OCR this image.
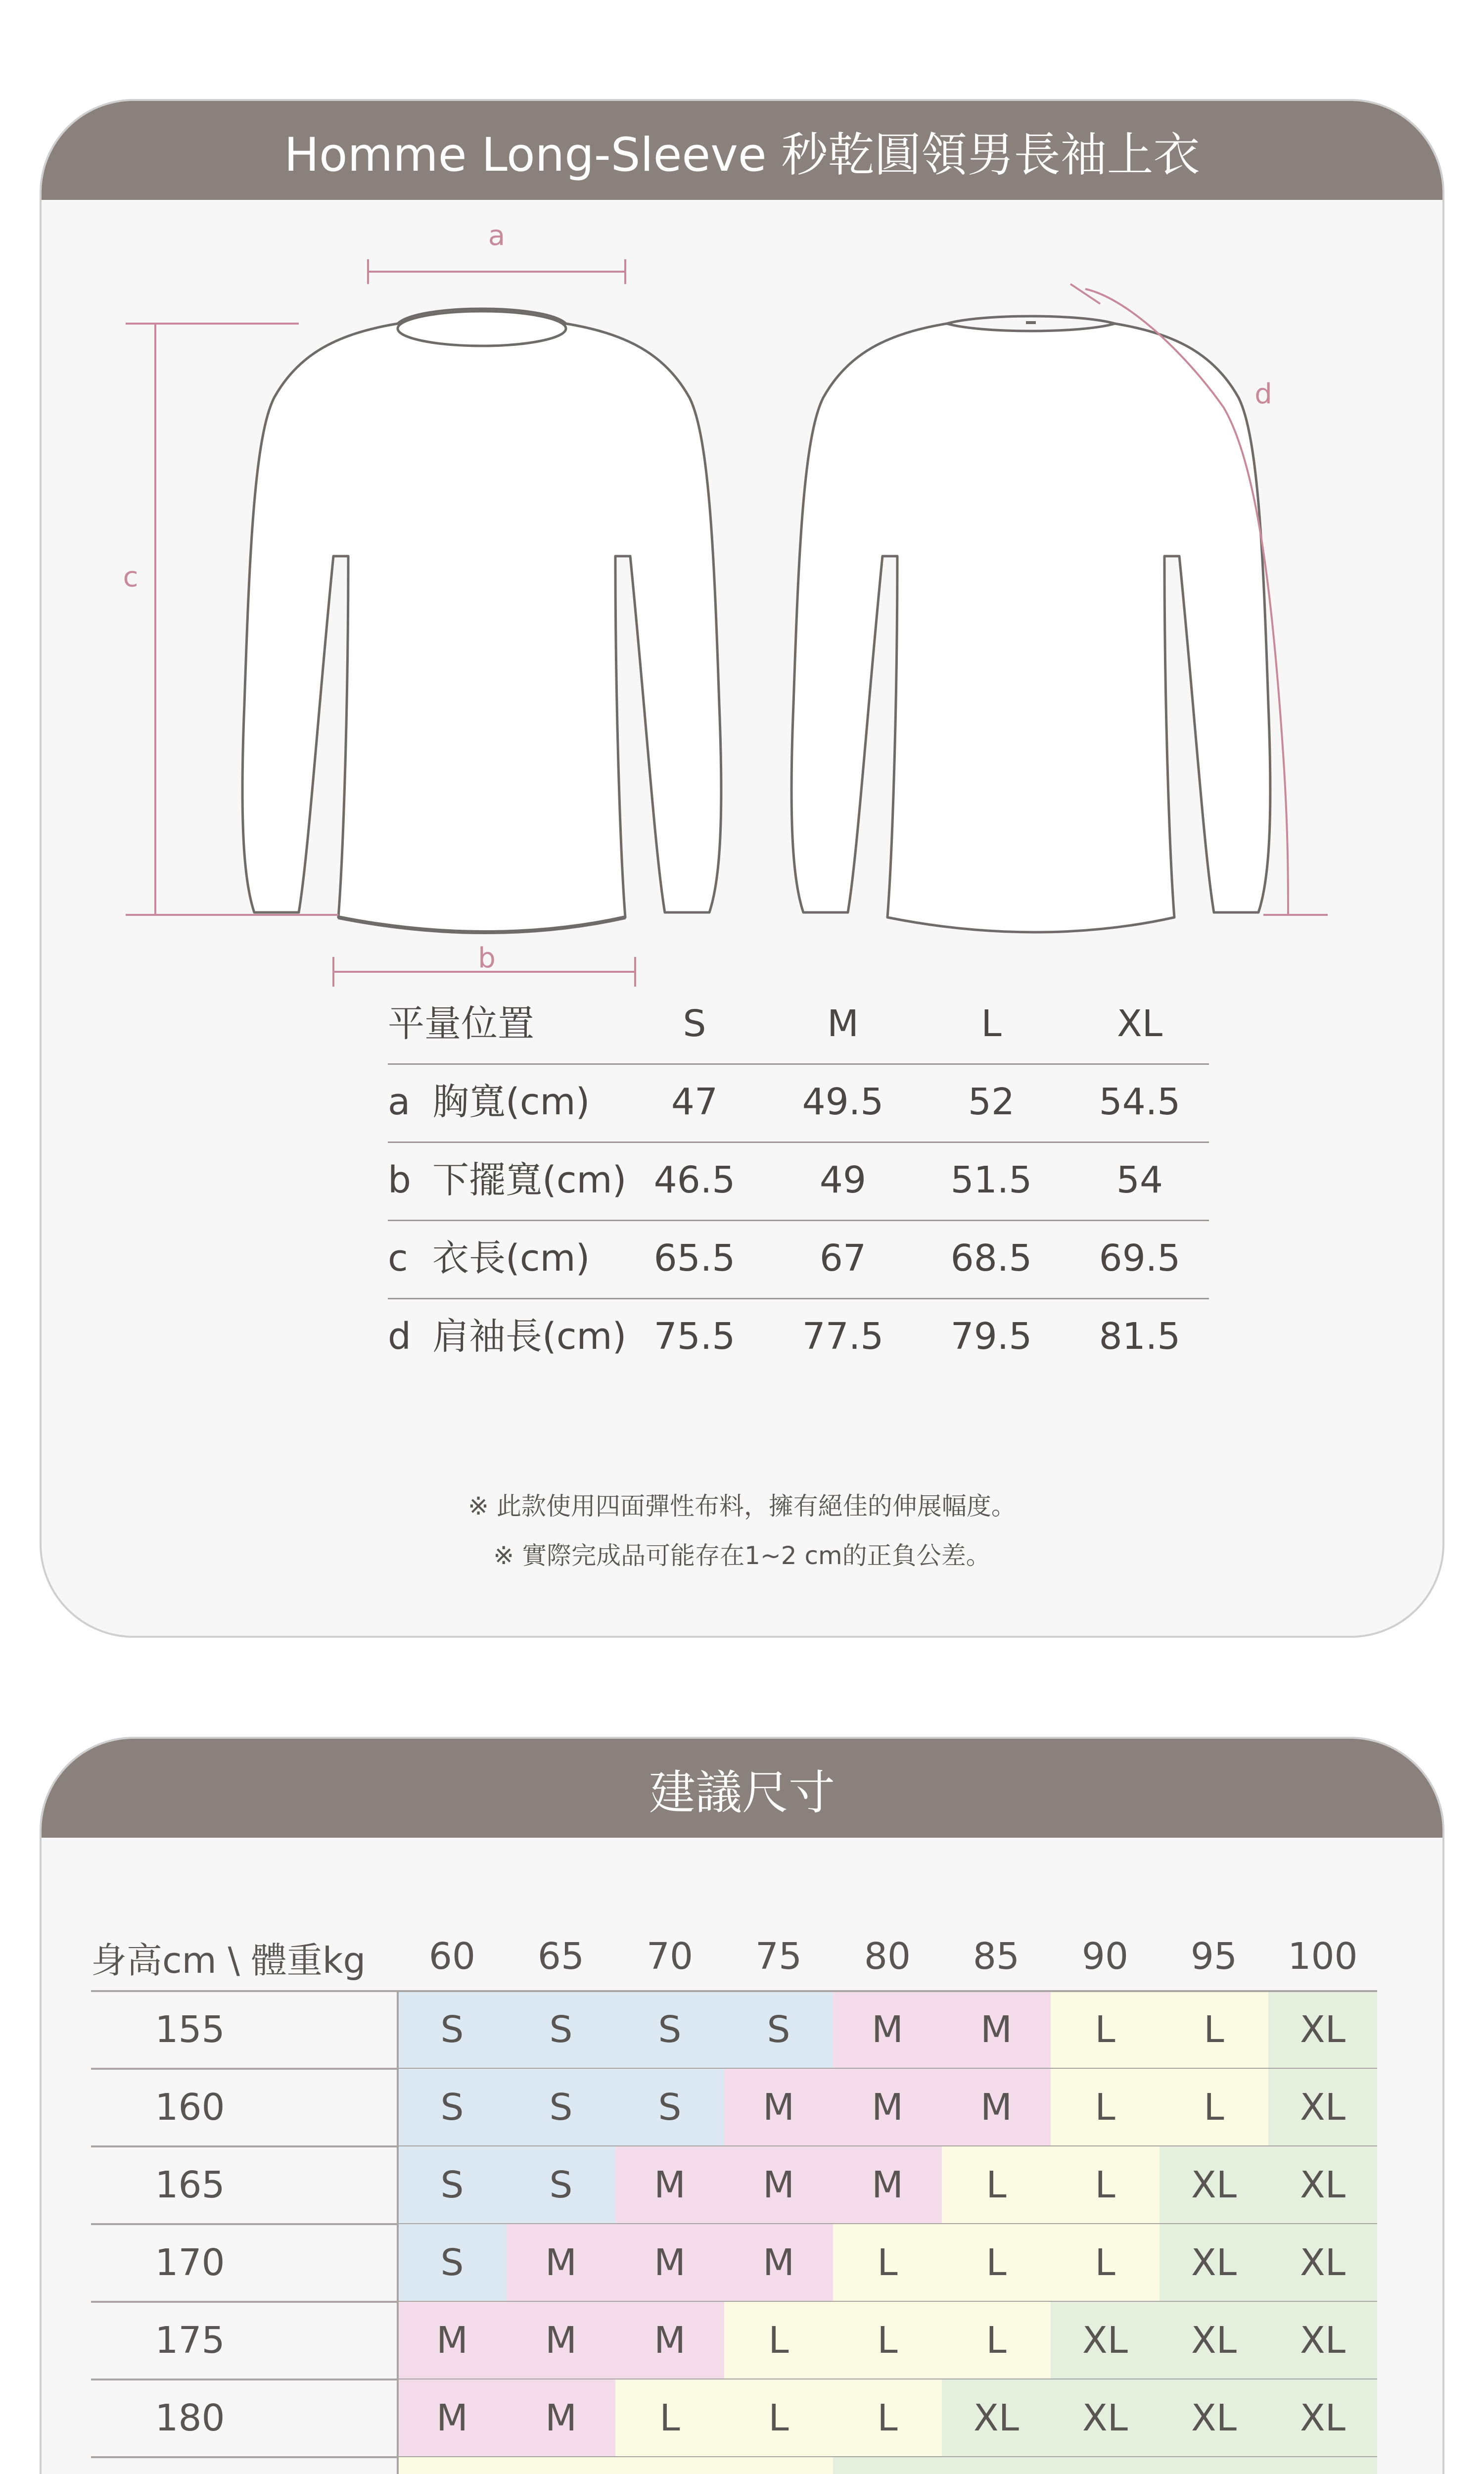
Homme Long-Sleeve 秒乾圓領男長袖上衣
a
b
c
d
平量位置	S	M	L	XL
a 胸寬(cm)	47	49.5	52	54.5
b 下擺寬(cm) 46.5	49	51.5	54
c 衣長(cm) 65.5	67	68.5 69.5
d 肩袖長(cm) 75.5 77.5 79.5 81.5
※ 此款使用四面彈性布料，擁有絕佳的伸展幅度。
※ 實際完成品可能存在1~2 cm的正負公差。
建議尺寸
身高cm \ 體重kg	60	65	70	75	80	85	90	95	100
155	S	S	S	S	M	M	L	L	XL
160	S	S	S	M	M	M	L	L	XL
165	S	S	M	M	M	L	L	XL	XL
170	S	M	M	M	L	L	L	XL	XL
175	M	M	M	L	L	L	XL	XL	XL
180	M	M	L	L	L	XL	XL	XL	XL
